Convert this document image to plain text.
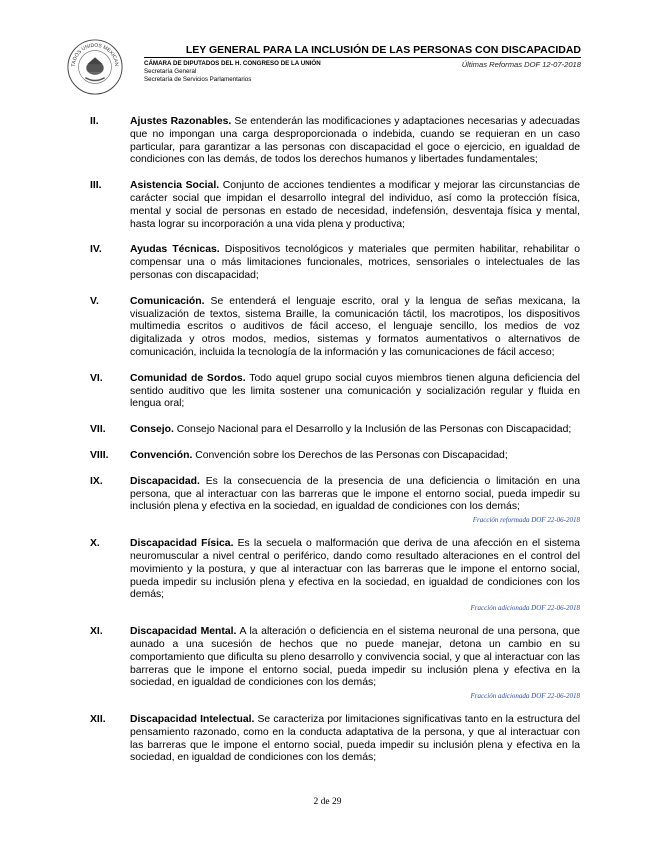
TADOS UNIDOS MEXICAN
LEY GENERAL PARA LA INCLUSIÓN DE LAS PERSONAS CON DISCAPACIDAD
CÁMARA DE DIPUTADOS DEL H. CONGRESO DE LA UNIÓN
Secretaría General
Secretaría de Servicios Parlamentarios
Últimas Reformas DOF 12-07-2018
II.	Ajustes Razonables. Se entenderán las modificaciones y adaptaciones necesarias y adecuadas que no impongan una carga desproporcionada o indebida, cuando se requieran en un caso particular, para garantizar a las personas con discapacidad el goce o ejercicio, en igualdad de condiciones con las demás, de todos los derechos humanos y libertades fundamentales;
III.	Asistencia Social. Conjunto de acciones tendientes a modificar y mejorar las circunstancias de carácter social que impidan el desarrollo integral del individuo, así como la protección física, mental y social de personas en estado de necesidad, indefensión, desventaja física y mental, hasta lograr su incorporación a una vida plena y productiva;
IV.	Ayudas Técnicas. Dispositivos tecnológicos y materiales que permiten habilitar, rehabilitar o compensar una o más limitaciones funcionales, motrices, sensoriales o intelectuales de las personas con discapacidad;
V.	Comunicación. Se entenderá el lenguaje escrito, oral y la lengua de señas mexicana, la visualización de textos, sistema Braille, la comunicación táctil, los macrotipos, los dispositivos multimedia escritos o auditivos de fácil acceso, el lenguaje sencillo, los medios de voz digitalizada y otros modos, medios, sistemas y formatos aumentativos o alternativos de comunicación, incluida la tecnología de la información y las comunicaciones de fácil acceso;
VI.	Comunidad de Sordos. Todo aquel grupo social cuyos miembros tienen alguna deficiencia del sentido auditivo que les limita sostener una comunicación y socialización regular y fluida en lengua oral;
VII. Consejo. Consejo Nacional para el Desarrollo y la Inclusión de las Personas con Discapacidad;
VIII. Convención. Convención sobre los Derechos de las Personas con Discapacidad;
IX.	Discapacidad. Es la consecuencia de la presencia de una deficiencia o limitación en una persona, que al interactuar con las barreras que le impone el entorno social, pueda impedir su inclusión plena y efectiva en la sociedad, en igualdad de condiciones con los demás;
Fracción reformada DOF 22-06-2018
X.	Discapacidad Física. Es la secuela o malformación que deriva de una afección en el sistema neuromuscular a nivel central o periférico, dando como resultado alteraciones en el control del movimiento y la postura, y que al interactuar con las barreras que le impone el entorno social, pueda impedir su inclusión plena y efectiva en la sociedad, en igualdad de condiciones con los demás;
Fracción adicionada DOF 22-06-2018
XI.	Discapacidad Mental. A la alteración o deficiencia en el sistema neuronal de una persona, que aunado a una sucesión de hechos que no puede manejar, detona un cambio en su comportamiento que dificulta su pleno desarrollo y convivencia social, y que al interactuar con las barreras que le impone el entorno social, pueda impedir su inclusión plena y efectiva en la sociedad, en igualdad de condiciones con los demás;
Fracción adicionada DOF 22-06-2018
XII. Discapacidad Intelectual. Se caracteriza por limitaciones significativas tanto en la estructura del pensamiento razonado, como en la conducta adaptativa de la persona, y que al interactuar con las barreras que le impone el entorno social, pueda impedir su inclusión plena y efectiva en la sociedad, en igualdad de condiciones con los demás;
2 de 29
